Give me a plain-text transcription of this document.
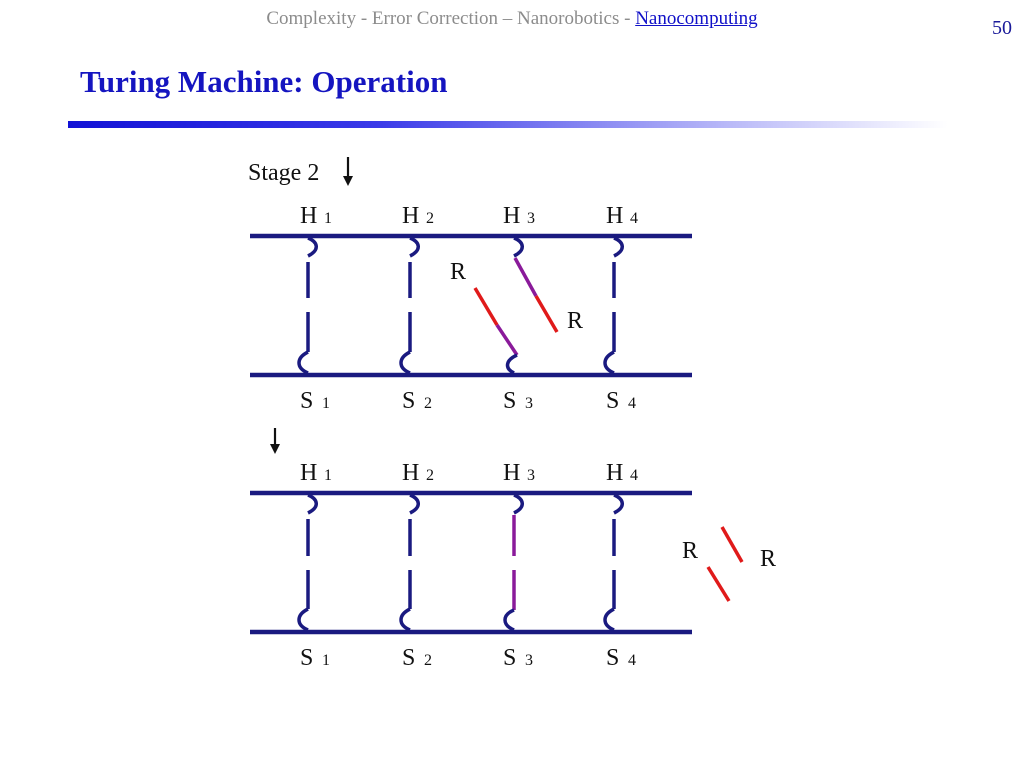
Complexity - Error Correction – Nanorobotics - Nanocomputing	50
Turing Machine: Operation
Stage 2
H 1	H 2	H 3	H 4
S 1	S 2	S 3	S 4
R
R
H 1	H 2	H 3	H 4
S 1	S 2	S 3	S 4
R	R
